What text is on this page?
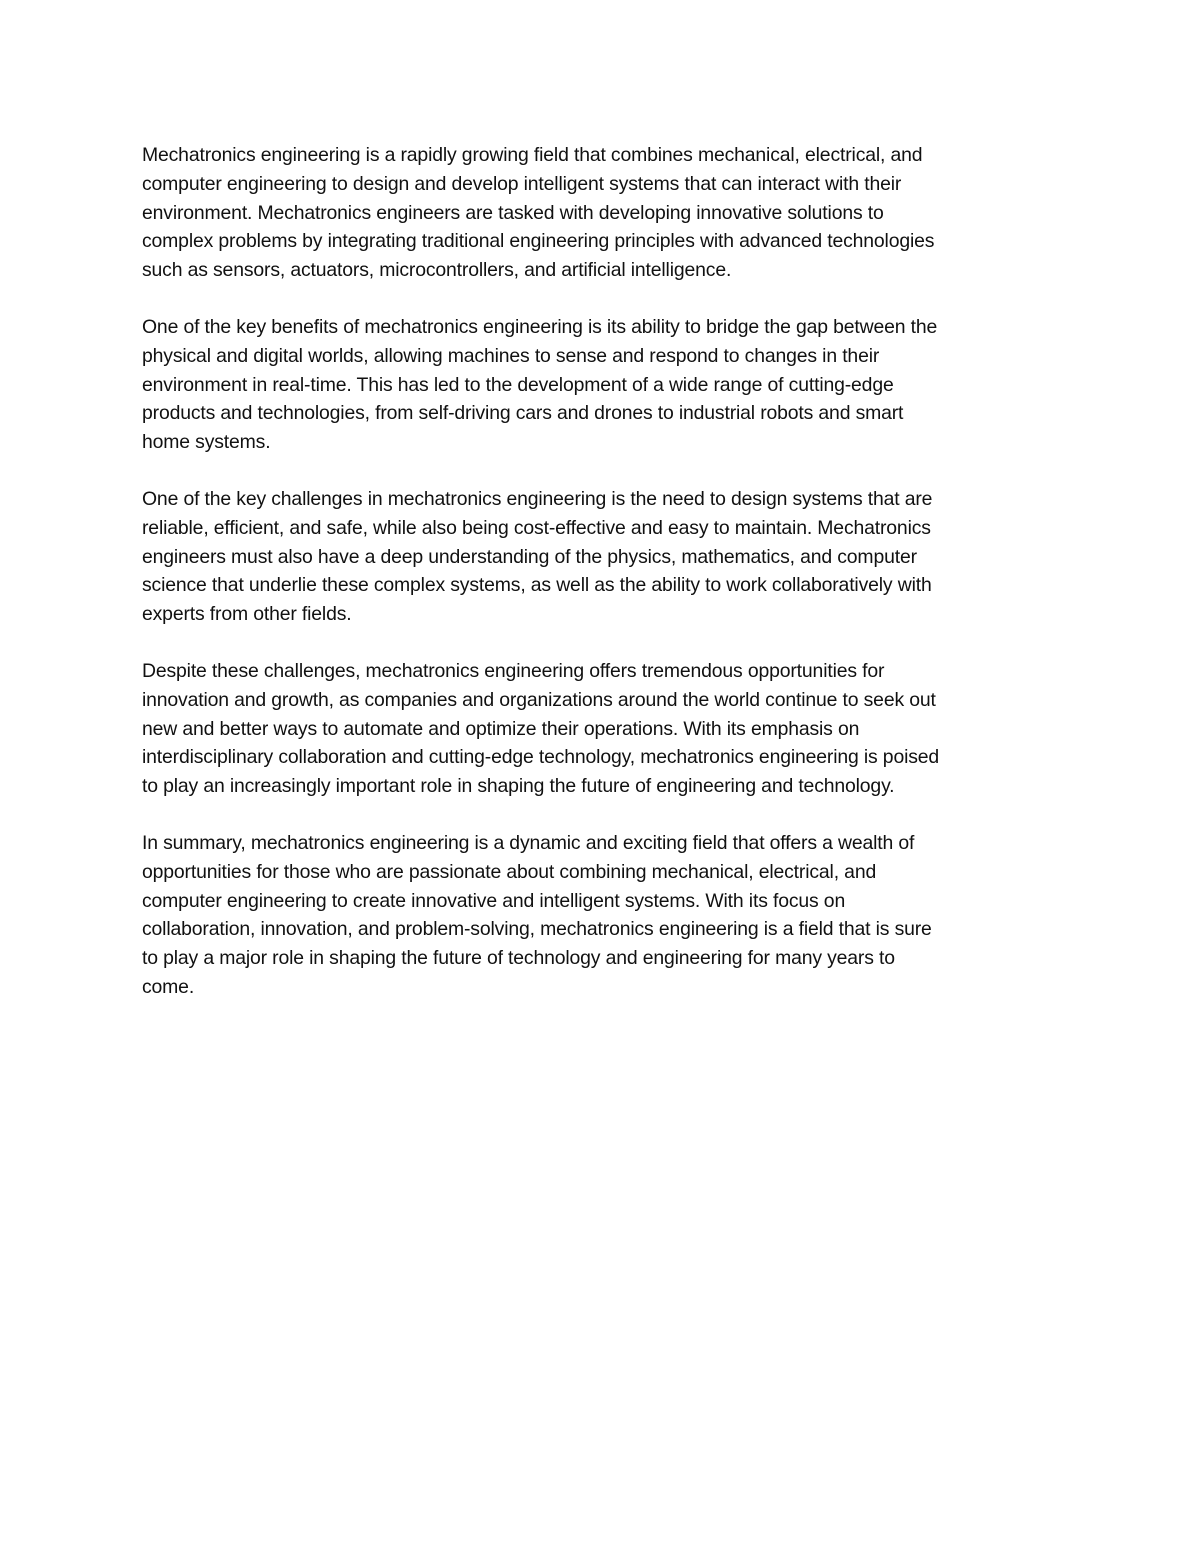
Mechatronics engineering is a rapidly growing field that combines mechanical, electrical, and
computer engineering to design and develop intelligent systems that can interact with their
environment. Mechatronics engineers are tasked with developing innovative solutions to
complex problems by integrating traditional engineering principles with advanced technologies
such as sensors, actuators, microcontrollers, and artificial intelligence.

One of the key benefits of mechatronics engineering is its ability to bridge the gap between the
physical and digital worlds, allowing machines to sense and respond to changes in their
environment in real-time. This has led to the development of a wide range of cutting-edge
products and technologies, from self-driving cars and drones to industrial robots and smart
home systems.

One of the key challenges in mechatronics engineering is the need to design systems that are
reliable, efficient, and safe, while also being cost-effective and easy to maintain. Mechatronics
engineers must also have a deep understanding of the physics, mathematics, and computer
science that underlie these complex systems, as well as the ability to work collaboratively with
experts from other fields.

Despite these challenges, mechatronics engineering offers tremendous opportunities for
innovation and growth, as companies and organizations around the world continue to seek out
new and better ways to automate and optimize their operations. With its emphasis on
interdisciplinary collaboration and cutting-edge technology, mechatronics engineering is poised
to play an increasingly important role in shaping the future of engineering and technology.

In summary, mechatronics engineering is a dynamic and exciting field that offers a wealth of
opportunities for those who are passionate about combining mechanical, electrical, and
computer engineering to create innovative and intelligent systems. With its focus on
collaboration, innovation, and problem-solving, mechatronics engineering is a field that is sure
to play a major role in shaping the future of technology and engineering for many years to
come.
